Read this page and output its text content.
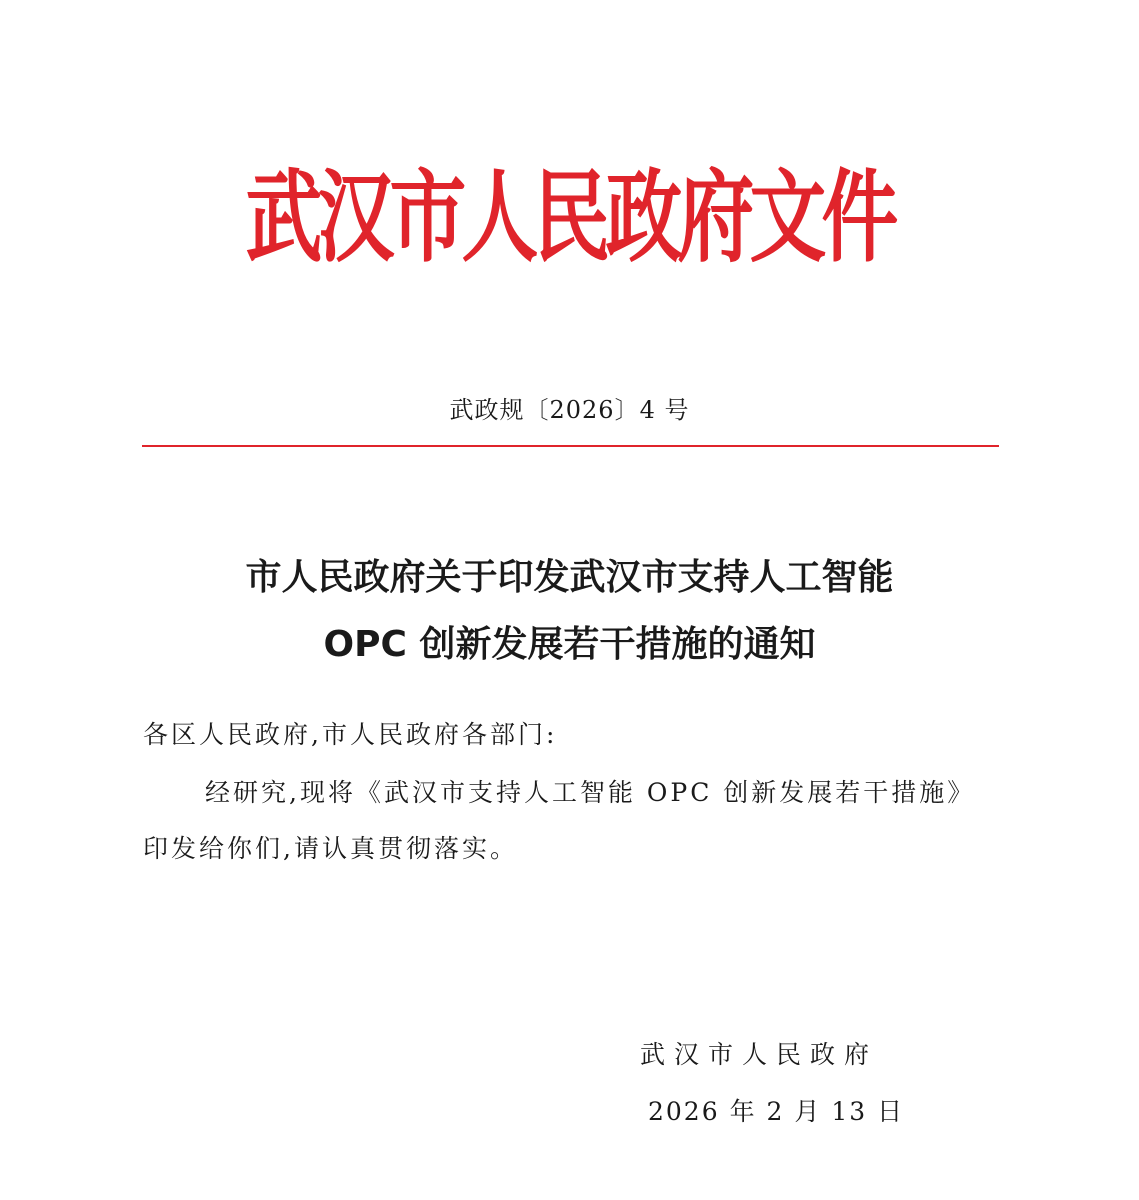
武汉市人民政府文件
武政规〔2026〕4 号
市人民政府关于印发武汉市支持人工智能
OPC 创新发展若干措施的通知
各区人民政府,市人民政府各部门:
经研究,现将《武汉市支持人工智能 OPC 创新发展若干措施》
印发给你们,请认真贯彻落实。
武汉市人民政府
2026 年 2 月 13 日
